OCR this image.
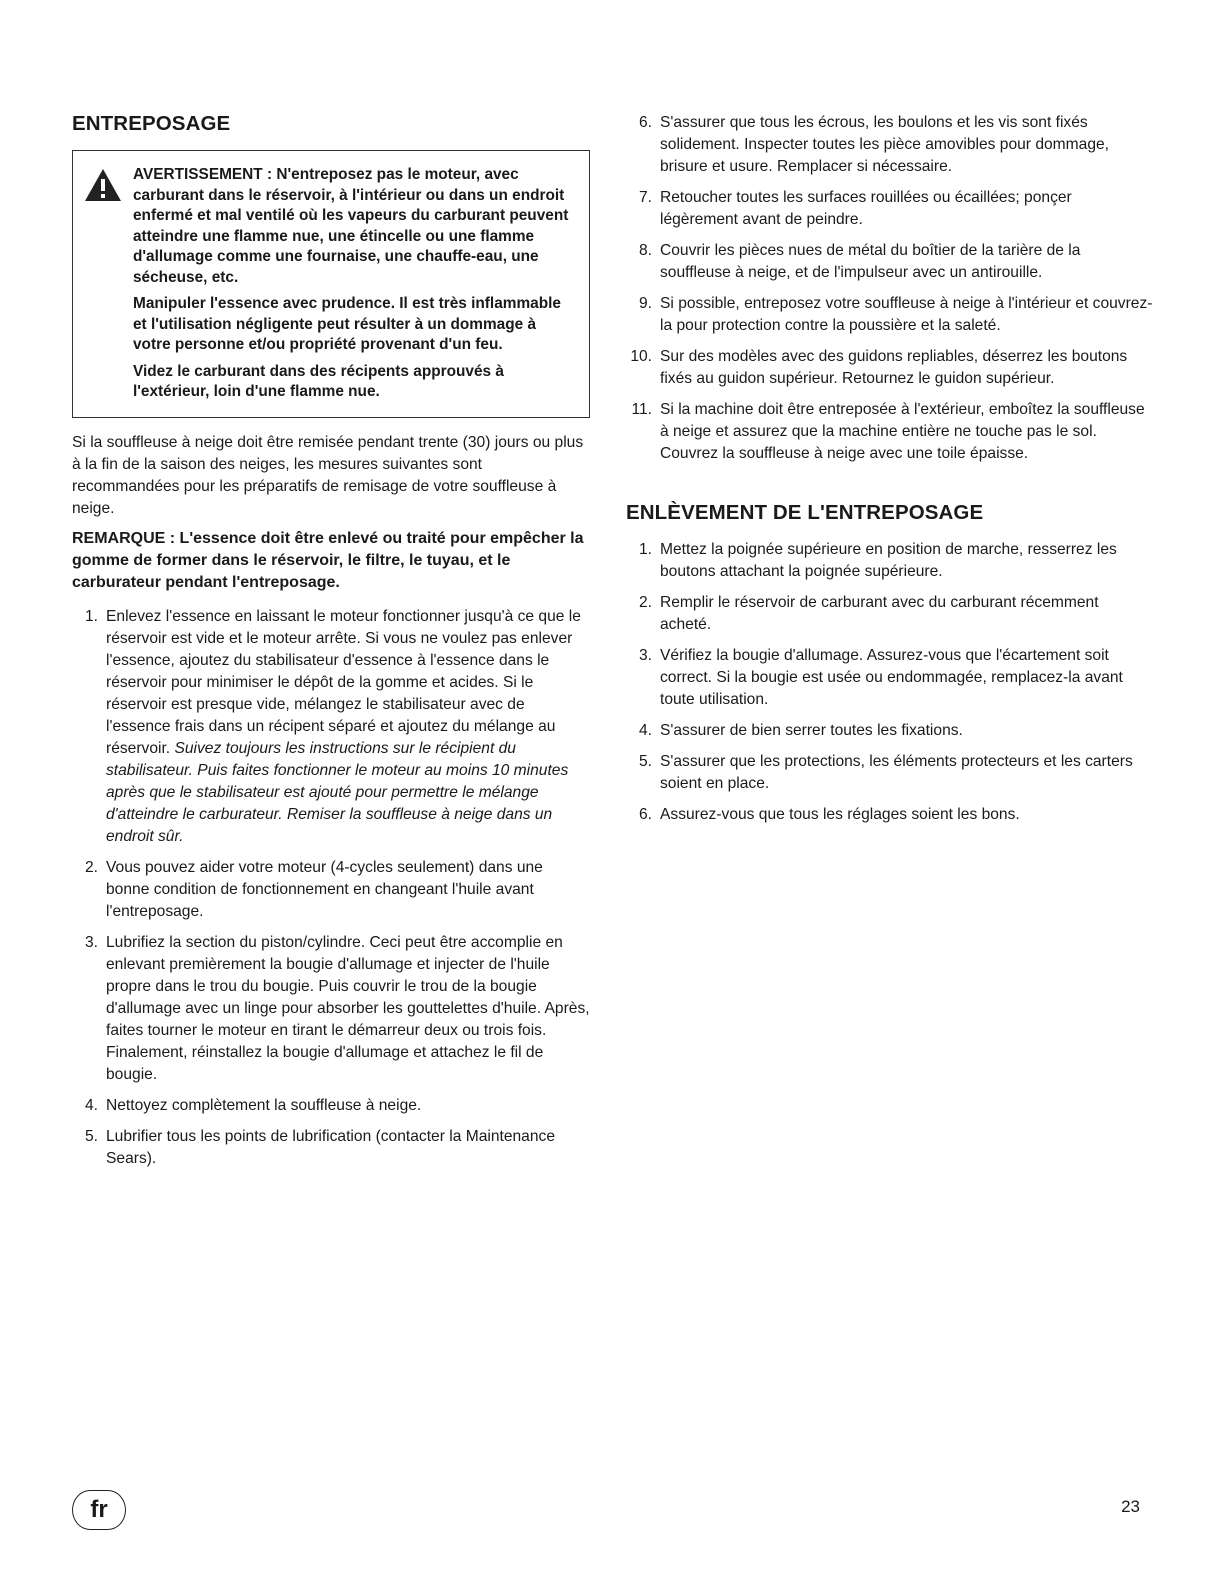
ENTREPOSAGE

AVERTISSEMENT : N'entreposez pas le moteur, avec carburant dans le réservoir, à l'intérieur ou dans un endroit enfermé et mal ventilé où les vapeurs du carburant peuvent atteindre une flamme nue, une étincelle ou une flamme d'allumage comme une fournaise, une chauffe-eau, une sécheuse, etc.

Manipuler l'essence avec prudence. Il est très inflammable et l'utilisation négligente peut résulter à un dommage à votre personne et/ou propriété provenant d'un feu.

Videz le carburant dans des récipents approuvés à l'extérieur, loin d'une flamme nue.

Si la souffleuse à neige doit être remisée pendant trente (30) jours ou plus à la fin de la saison des neiges, les mesures suivantes sont recommandées pour les préparatifs de remisage de votre souffleuse à neige.

REMARQUE : L'essence doit être enlevé ou traité pour empêcher la gomme de former dans le réservoir, le filtre, le tuyau, et le carburateur pendant l'entreposage.

1. Enlevez l'essence en laissant le moteur fonctionner jusqu'à ce que le réservoir est vide et le moteur arrête. Si vous ne voulez pas enlever l'essence, ajoutez du stabilisateur d'essence à l'essence dans le réservoir pour minimiser le dépôt de la gomme et acides. Si le réservoir est presque vide, mélangez le stabilisateur avec de l'essence frais dans un récipent séparé et ajoutez du mélange au réservoir. Suivez toujours les instructions sur le récipient du stabilisateur. Puis faites fonctionner le moteur au moins 10 minutes après que le stabilisateur est ajouté pour permettre le mélange d'atteindre le carburateur. Remiser la souffleuse à neige dans un endroit sûr.
2. Vous pouvez aider votre moteur (4-cycles seulement) dans une bonne condition de fonctionnement en changeant l'huile avant l'entreposage.
3. Lubrifiez la section du piston/cylindre. Ceci peut être accomplie en enlevant premièrement la bougie d'allumage et injecter de l'huile propre dans le trou du bougie. Puis couvrir le trou de la bougie d'allumage avec un linge pour absorber les gouttelettes d'huile. Après, faites tourner le moteur en tirant le démarreur deux ou trois fois. Finalement, réinstallez la bougie d'allumage et attachez le fil de bougie.
4. Nettoyez complètement la souffleuse à neige.
5. Lubrifier tous les points de lubrification (contacter la Maintenance Sears).
6. S'assurer que tous les écrous, les boulons et les vis sont fixés solidement. Inspecter toutes les pièce amovibles pour dommage, brisure et usure. Remplacer si nécessaire.
7. Retoucher toutes les surfaces rouillées ou écaillées; ponçer légèrement avant de peindre.
8. Couvrir les pièces nues de métal du boîtier de la tarière de la souffleuse à neige, et de l'impulseur avec un antirouille.
9. Si possible, entreposez votre souffleuse à neige à l'intérieur et couvrez-la pour protection contre la poussière et la saleté.
10. Sur des modèles avec des guidons repliables, déserrez les boutons fixés au guidon supérieur. Retournez le guidon supérieur.
11. Si la machine doit être entreposée à l'extérieur, emboîtez la souffleuse à neige et assurez que la machine entière ne touche pas le sol. Couvrez la souffleuse à neige avec une toile épaisse.
ENLÈVEMENT DE L'ENTREPOSAGE
1. Mettez la poignée supérieure en position de marche, resserrez les boutons attachant la poignée supérieure.
2. Remplir le réservoir de carburant avec du carburant récemment acheté.
3. Vérifiez la bougie d'allumage. Assurez-vous que l'écartement soit correct. Si la bougie est usée ou endommagée, remplacez-la avant toute utilisation.
4. S'assurer de bien serrer toutes les fixations.
5. S'assurer que les protections, les éléments protecteurs et les carters soient en place.
6. Assurez-vous que tous les réglages soient les bons.
fr	23
